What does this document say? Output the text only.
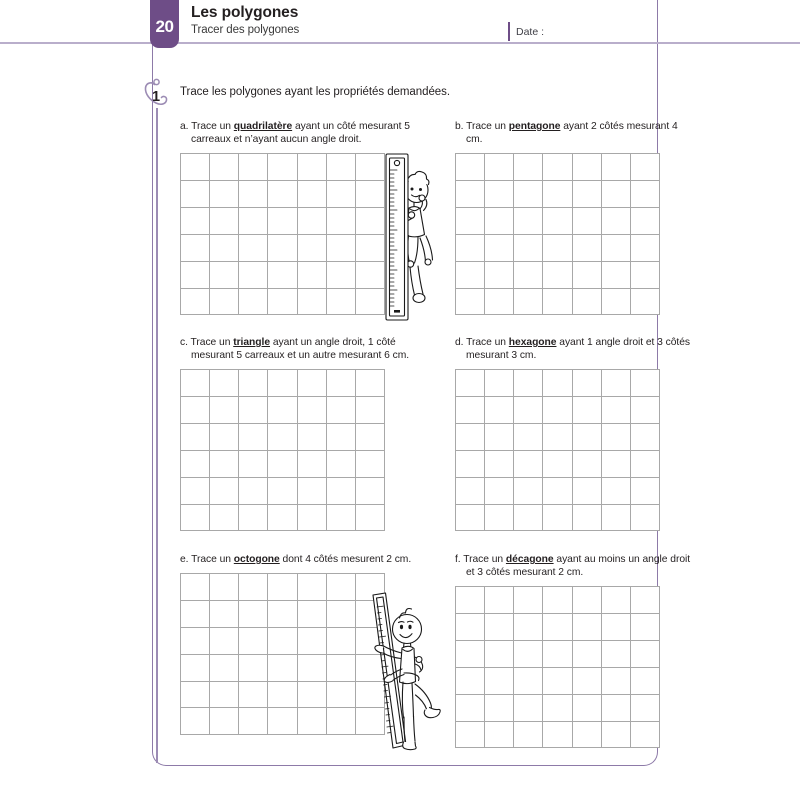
20
Les polygones
Tracer des polygones	Date :
1 Trace les polygones ayant les propriétés demandées.
a. Trace un quadrilatère ayant un côté mesurant 5 carreaux et n’ayant aucun angle droit.
b. Trace un pentagone ayant 2 côtés mesurant 4 cm.
c. Trace un triangle ayant un angle droit, 1 côté mesurant 5 carreaux et un autre mesurant 6 cm.
d. Trace un hexagone ayant 1 angle droit et 3 côtés mesurant 3 cm.
e. Trace un octogone dont 4 côtés mesurent 2 cm.	f. Trace un décagone ayant au moins un angle droit et 3 côtés mesurant 2 cm.
